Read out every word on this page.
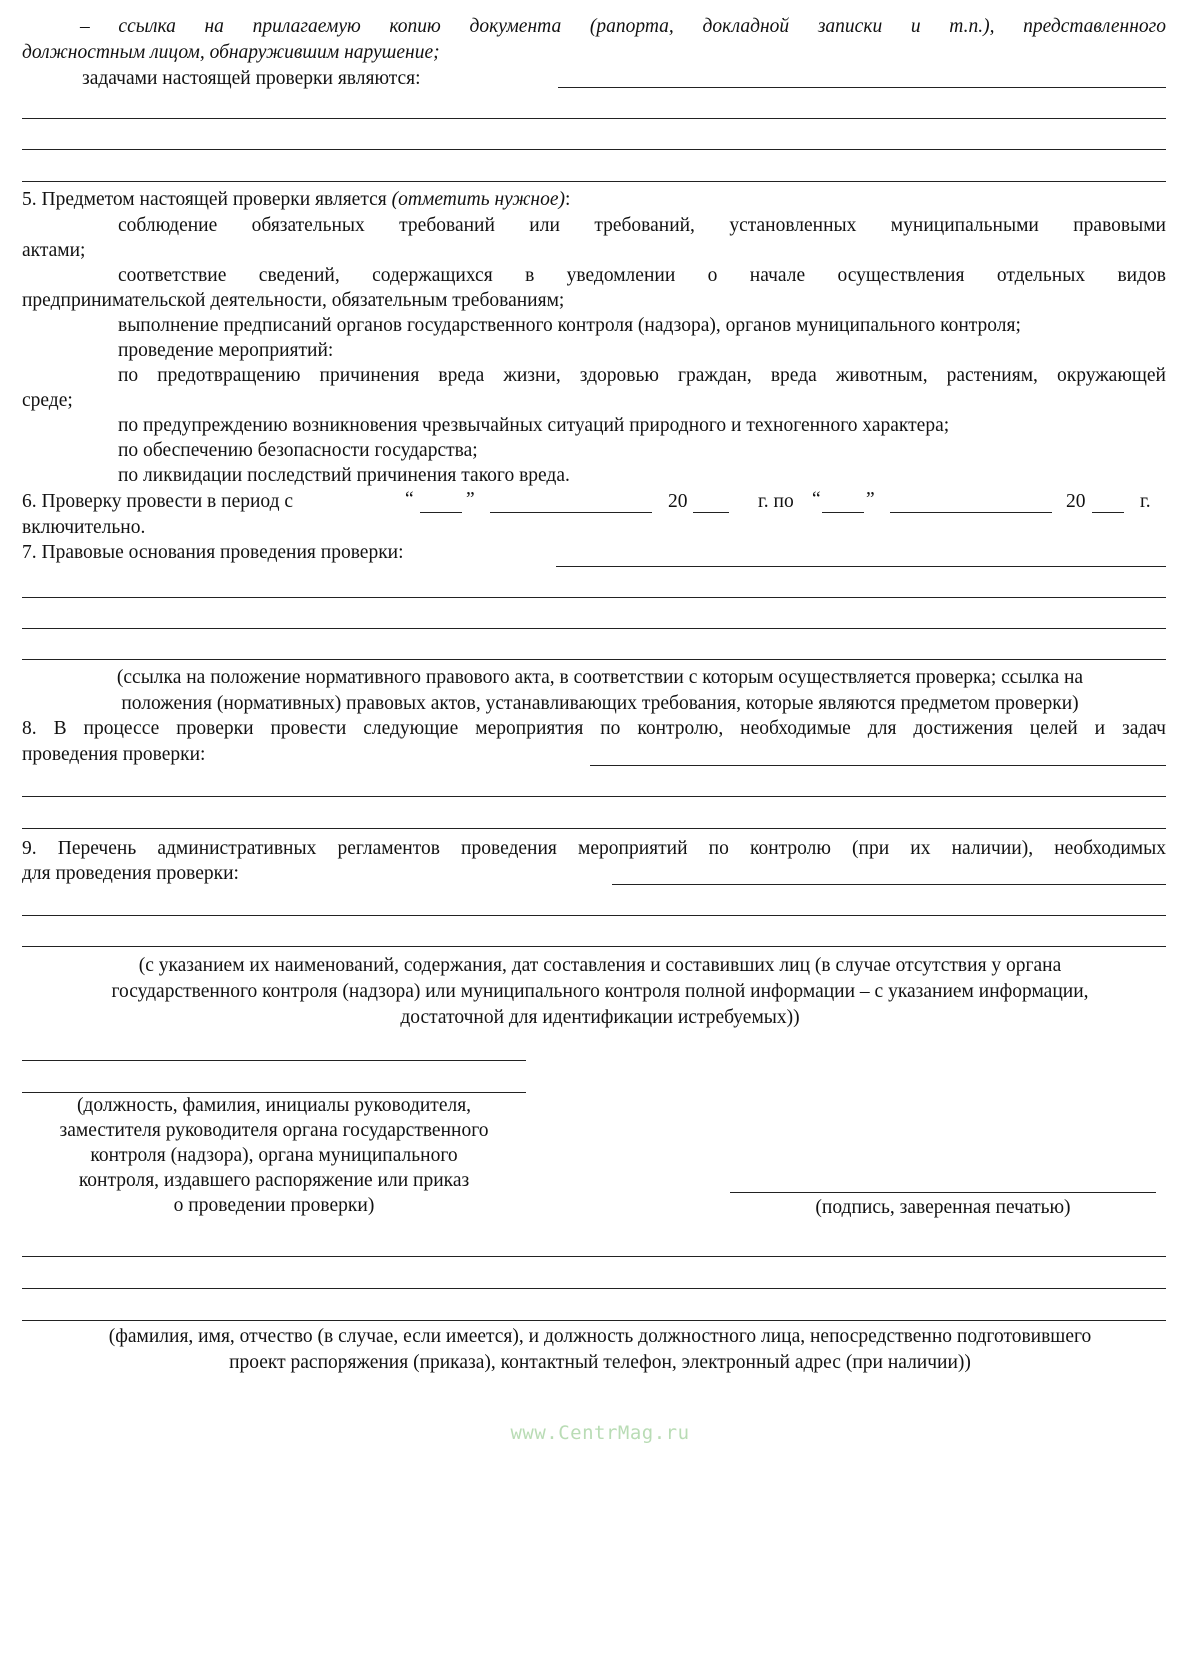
– ссылка на прилагаемую копию документа (рапорта, докладной записки и т.п.), представленного
должностным лицом, обнаружившим нарушение;
задачами настоящей проверки являются:
5. Предметом настоящей проверки является (отметить нужное):
соблюдение обязательных требований или требований, установленных муниципальными правовыми
актами;
соответствие сведений, содержащихся в уведомлении о начале осуществления отдельных видов
предпринимательской деятельности, обязательным требованиям;
выполнение предписаний органов государственного контроля (надзора), органов муниципального контроля;
проведение мероприятий:
по предотвращению причинения вреда жизни, здоровью граждан, вреда животным, растениям, окружающей
среде;
по предупреждению возникновения чрезвычайных ситуаций природного и техногенного характера;
по обеспечению безопасности государства;
по ликвидации последствий причинения такого вреда.
6. Проверку провести в период с	“	”	20	г. по “ ”	20	г.
включительно.
7. Правовые основания проведения проверки:
(ссылка на положение нормативного правового акта, в соответствии с которым осуществляется проверка; ссылка на
положения (нормативных) правовых актов, устанавливающих требования, которые являются предметом проверки)
8. В процессе проверки провести следующие мероприятия по контролю, необходимые для достижения целей и задач
проведения проверки:
9. Перечень административных регламентов проведения мероприятий по контролю (при их наличии), необходимых
для проведения проверки:
(с указанием их наименований, содержания, дат составления и составивших лиц (в случае отсутствия у органа
государственного контроля (надзора) или муниципального контроля полной информации – с указанием информации,
достаточной для идентификации истребуемых))
(должность, фамилия, инициалы руководителя,
заместителя руководителя органа государственного
контроля (надзора), органа муниципального
контроля, издавшего распоряжение или приказ
о проведении проверки)	(подпись, заверенная печатью)
(фамилия, имя, отчество (в случае, если имеется), и должность должностного лица, непосредственно подготовившего
проект распоряжения (приказа), контактный телефон, электронный адрес (при наличии))
www.CentrMag.ru
